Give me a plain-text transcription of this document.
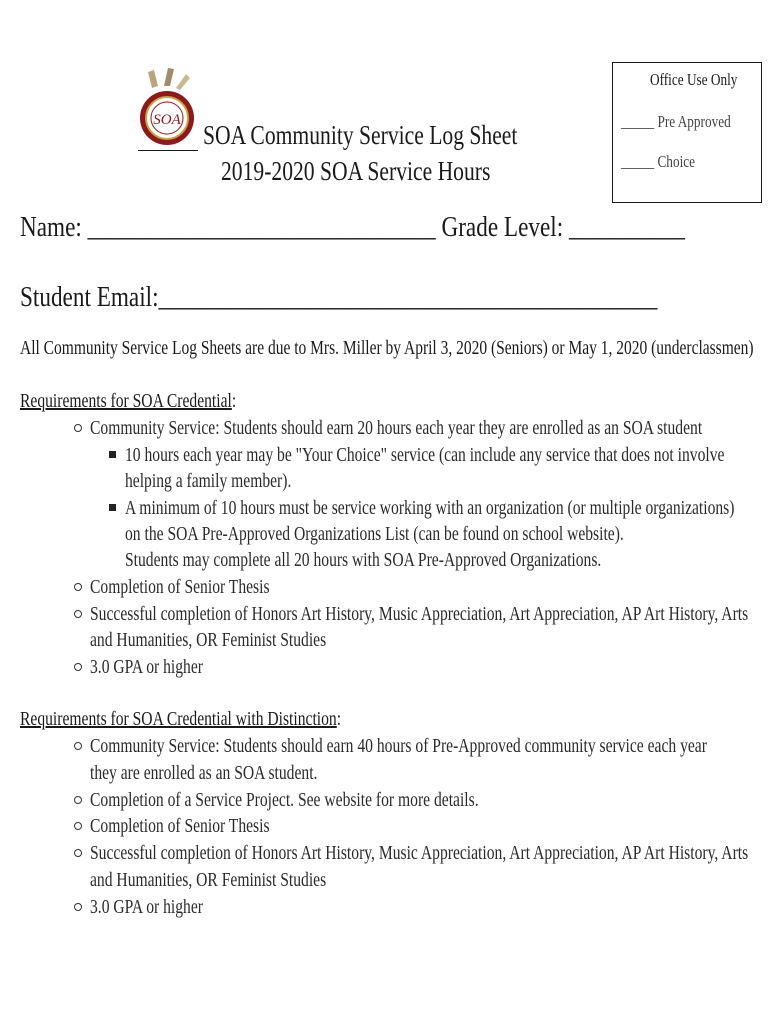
SOA SOA Community Service Log Sheet
2019-2020 SOA Service Hours
Office Use Only
_____ Pre Approved
_____ Choice
Name: ______________________________ Grade Level: __________
Student Email:___________________________________________
All Community Service Log Sheets are due to Mrs. Miller by April 3, 2020 (Seniors) or May 1, 2020 (underclassmen)
Requirements for SOA Credential:
Community Service: Students should earn 20 hours each year they are enrolled as an SOA student
10 hours each year may be "Your Choice" service (can include any service that does not involve
helping a family member).
A minimum of 10 hours must be service working with an organization (or multiple organizations)
on the SOA Pre-Approved Organizations List (can be found on school website).
Students may complete all 20 hours with SOA Pre-Approved Organizations.
Completion of Senior Thesis
Successful completion of Honors Art History, Music Appreciation, Art Appreciation, AP Art History, Arts
and Humanities, OR Feminist Studies
3.0 GPA or higher
Requirements for SOA Credential with Distinction:
Community Service: Students should earn 40 hours of Pre-Approved community service each year
they are enrolled as an SOA student.
Completion of a Service Project. See website for more details.
Completion of Senior Thesis
Successful completion of Honors Art History, Music Appreciation, Art Appreciation, AP Art History, Arts
and Humanities, OR Feminist Studies
3.0 GPA or higher
